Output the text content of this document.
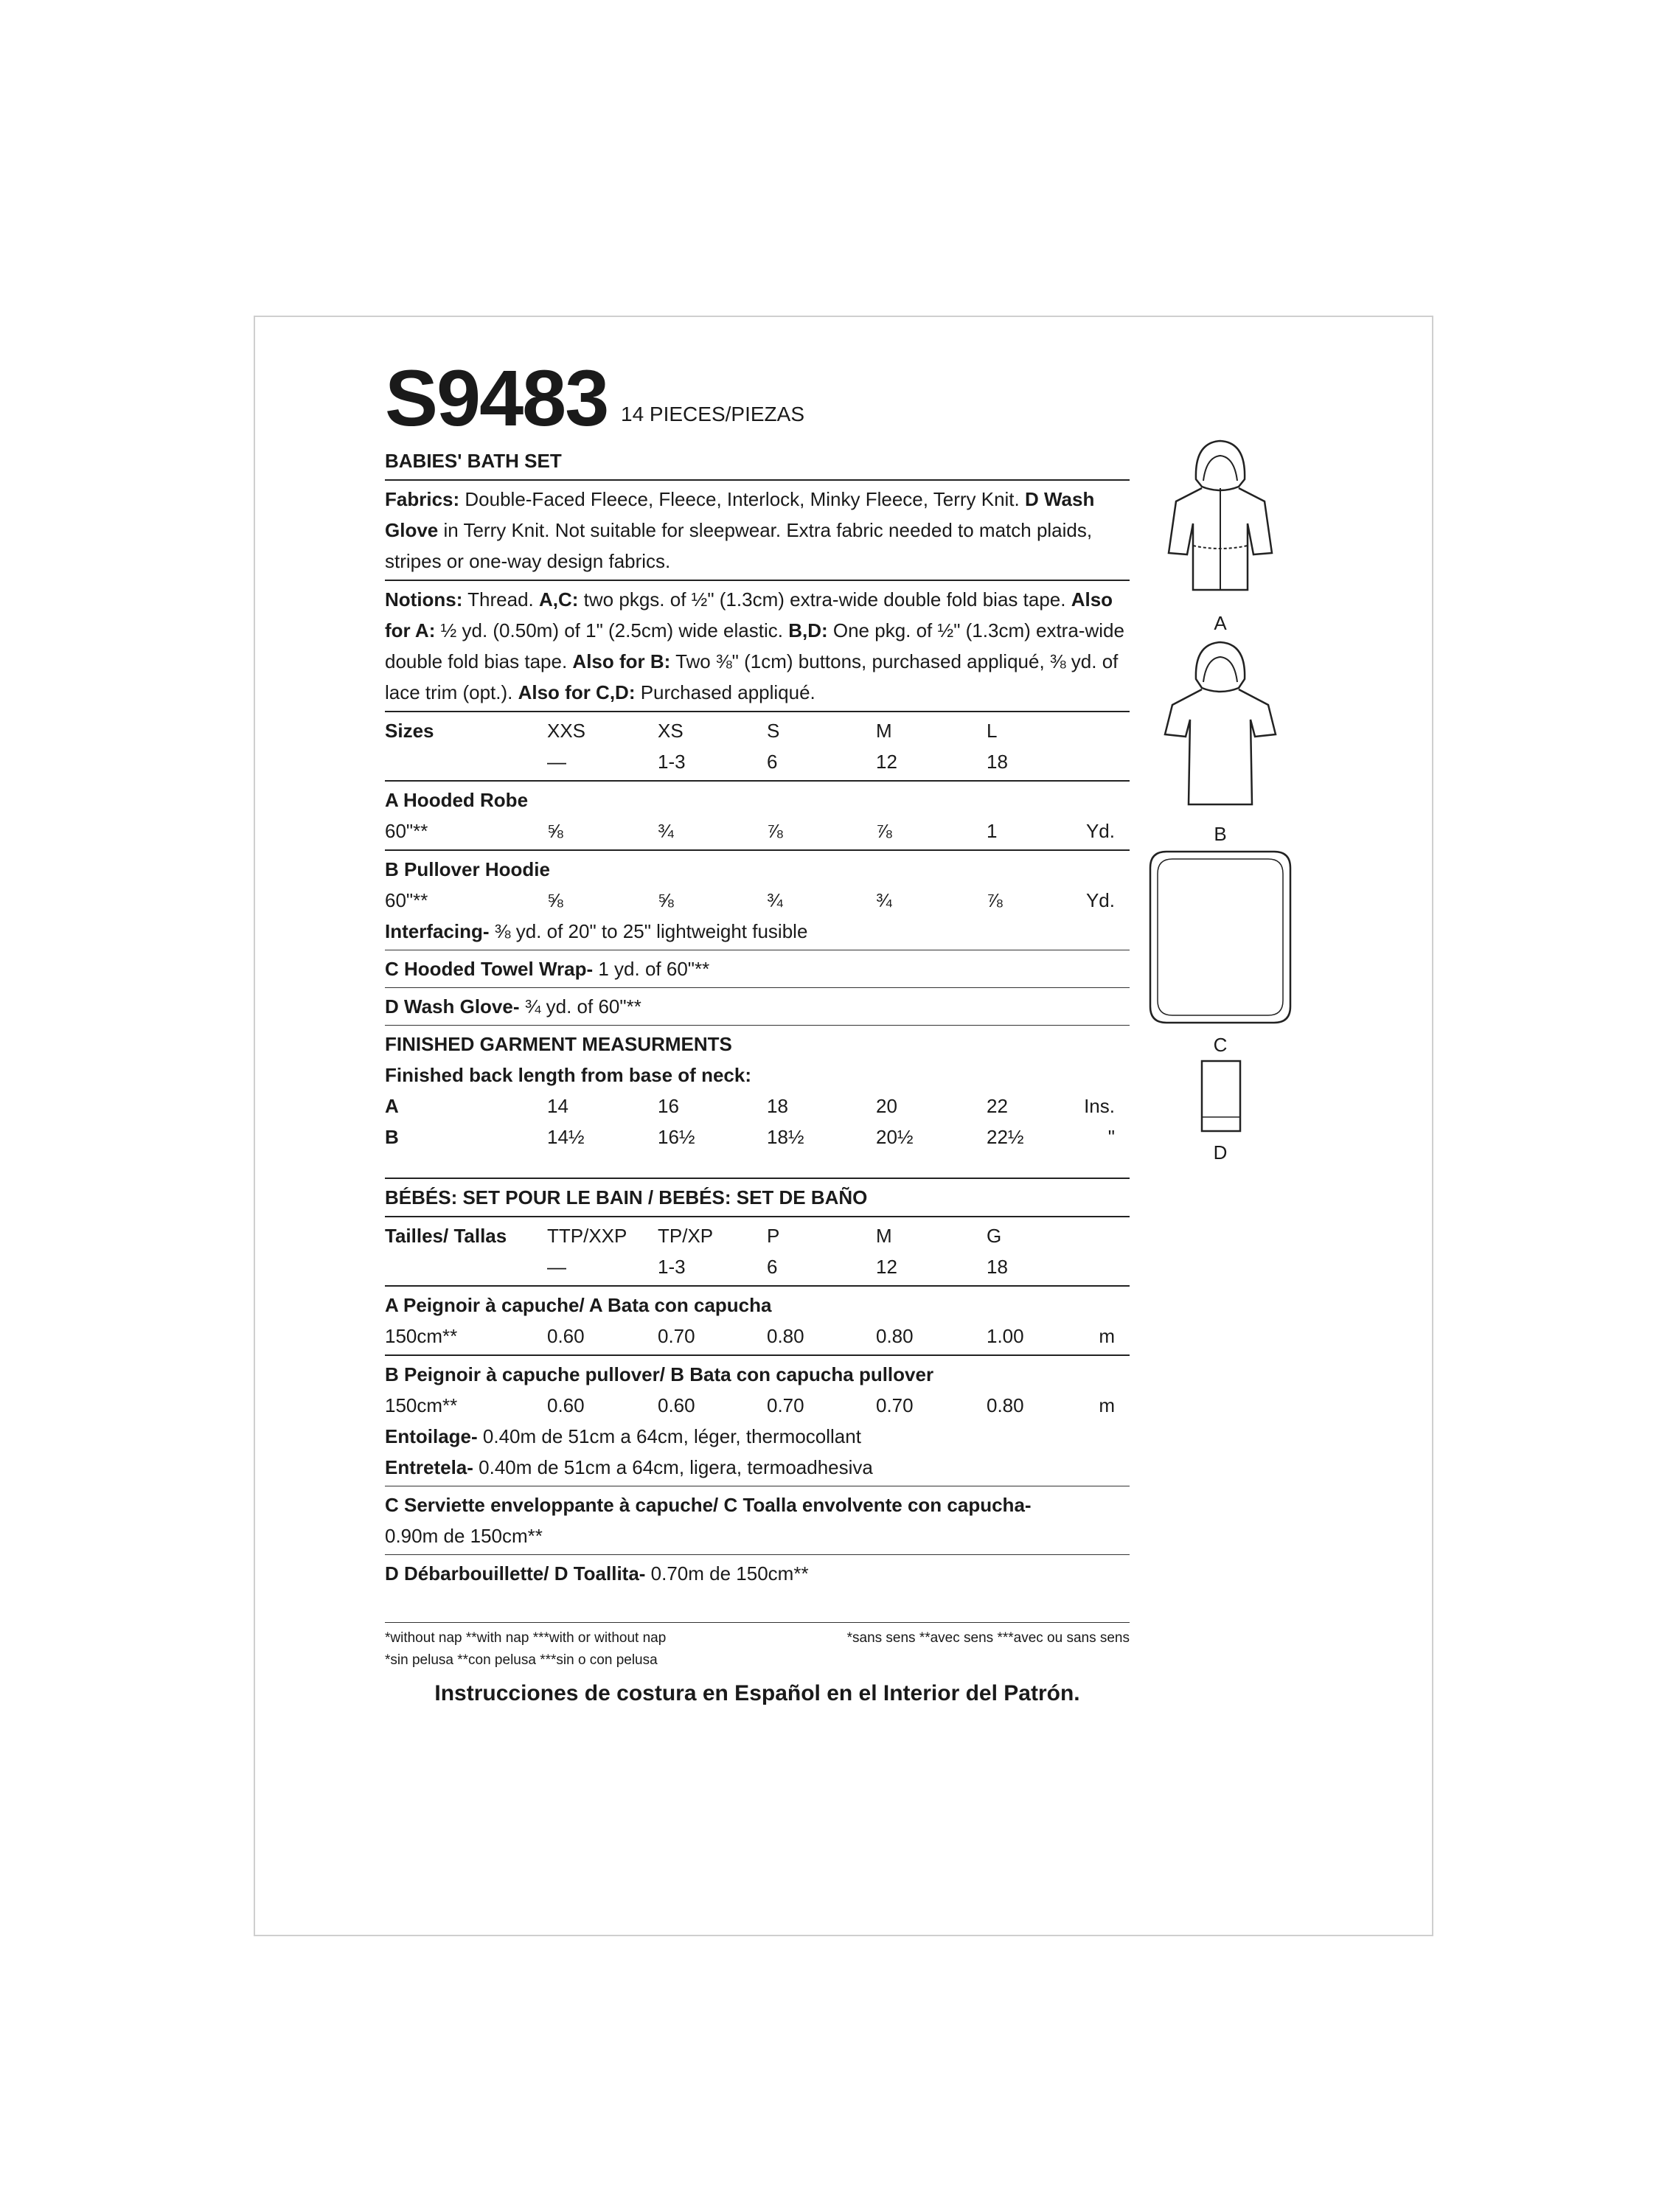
S9483 14 PIECES/PIEZAS
BABIES' BATH SET
Fabrics: Double-Faced Fleece, Fleece, Interlock, Minky Fleece, Terry Knit. D Wash Glove in Terry Knit. Not suitable for sleepwear. Extra fabric needed to match plaids, stripes or one-way design fabrics.
Notions: Thread. A,C: two pkgs. of ½" (1.3cm) extra-wide double fold bias tape. Also for A: ½ yd. (0.50m) of 1" (2.5cm) wide elastic. B,D: One pkg. of ½" (1.3cm) extra-wide double fold bias tape. Also for B: Two ⅜" (1cm) buttons, purchased appliqué, ⅜ yd. of lace trim (opt.). Also for C,D: Purchased appliqué.
Sizes	XXS	XS	S	M	L
—	1-3	6	12	18
A Hooded Robe
60"**	⅝	¾	⅞	⅞	1	Yd.
B Pullover Hoodie
60"**	⅝	⅝	¾	¾	⅞	Yd.
Interfacing- ⅜ yd. of 20" to 25" lightweight fusible
C Hooded Towel Wrap- 1 yd. of 60"**
D Wash Glove- ¾ yd. of 60"**
FINISHED GARMENT MEASURMENTS
Finished back length from base of neck:
A	14	16	18	20	22	Ins.
B	14½	16½	18½	20½	22½	"
BÉBÉS: SET POUR LE BAIN / BEBÉS: SET DE BAÑO
Tailles/ Tallas	TTP/XXP	TP/XP	P	M	G
—	1-3	6	12	18
A Peignoir à capuche/ A Bata con capucha
150cm**	0.60	0.70	0.80	0.80	1.00	m
B Peignoir à capuche pullover/ B Bata con capucha pullover
150cm**	0.60	0.60	0.70	0.70	0.80	m
Entoilage- 0.40m de 51cm a 64cm, léger, thermocollant
Entretela- 0.40m de 51cm a 64cm, ligera, termoadhesiva
C Serviette enveloppante à capuche/ C Toalla envolvente con capucha-
0.90m de 150cm**
D Débarbouillette/ D Toallita- 0.70m de 150cm**
*without nap **with nap ***with or without nap
*sin pelusa **con pelusa ***sin o con pelusa
*sans sens **avec sens ***avec ou sans sens
Instrucciones de costura en Español en el Interior del Patrón.
A
B
C
D
